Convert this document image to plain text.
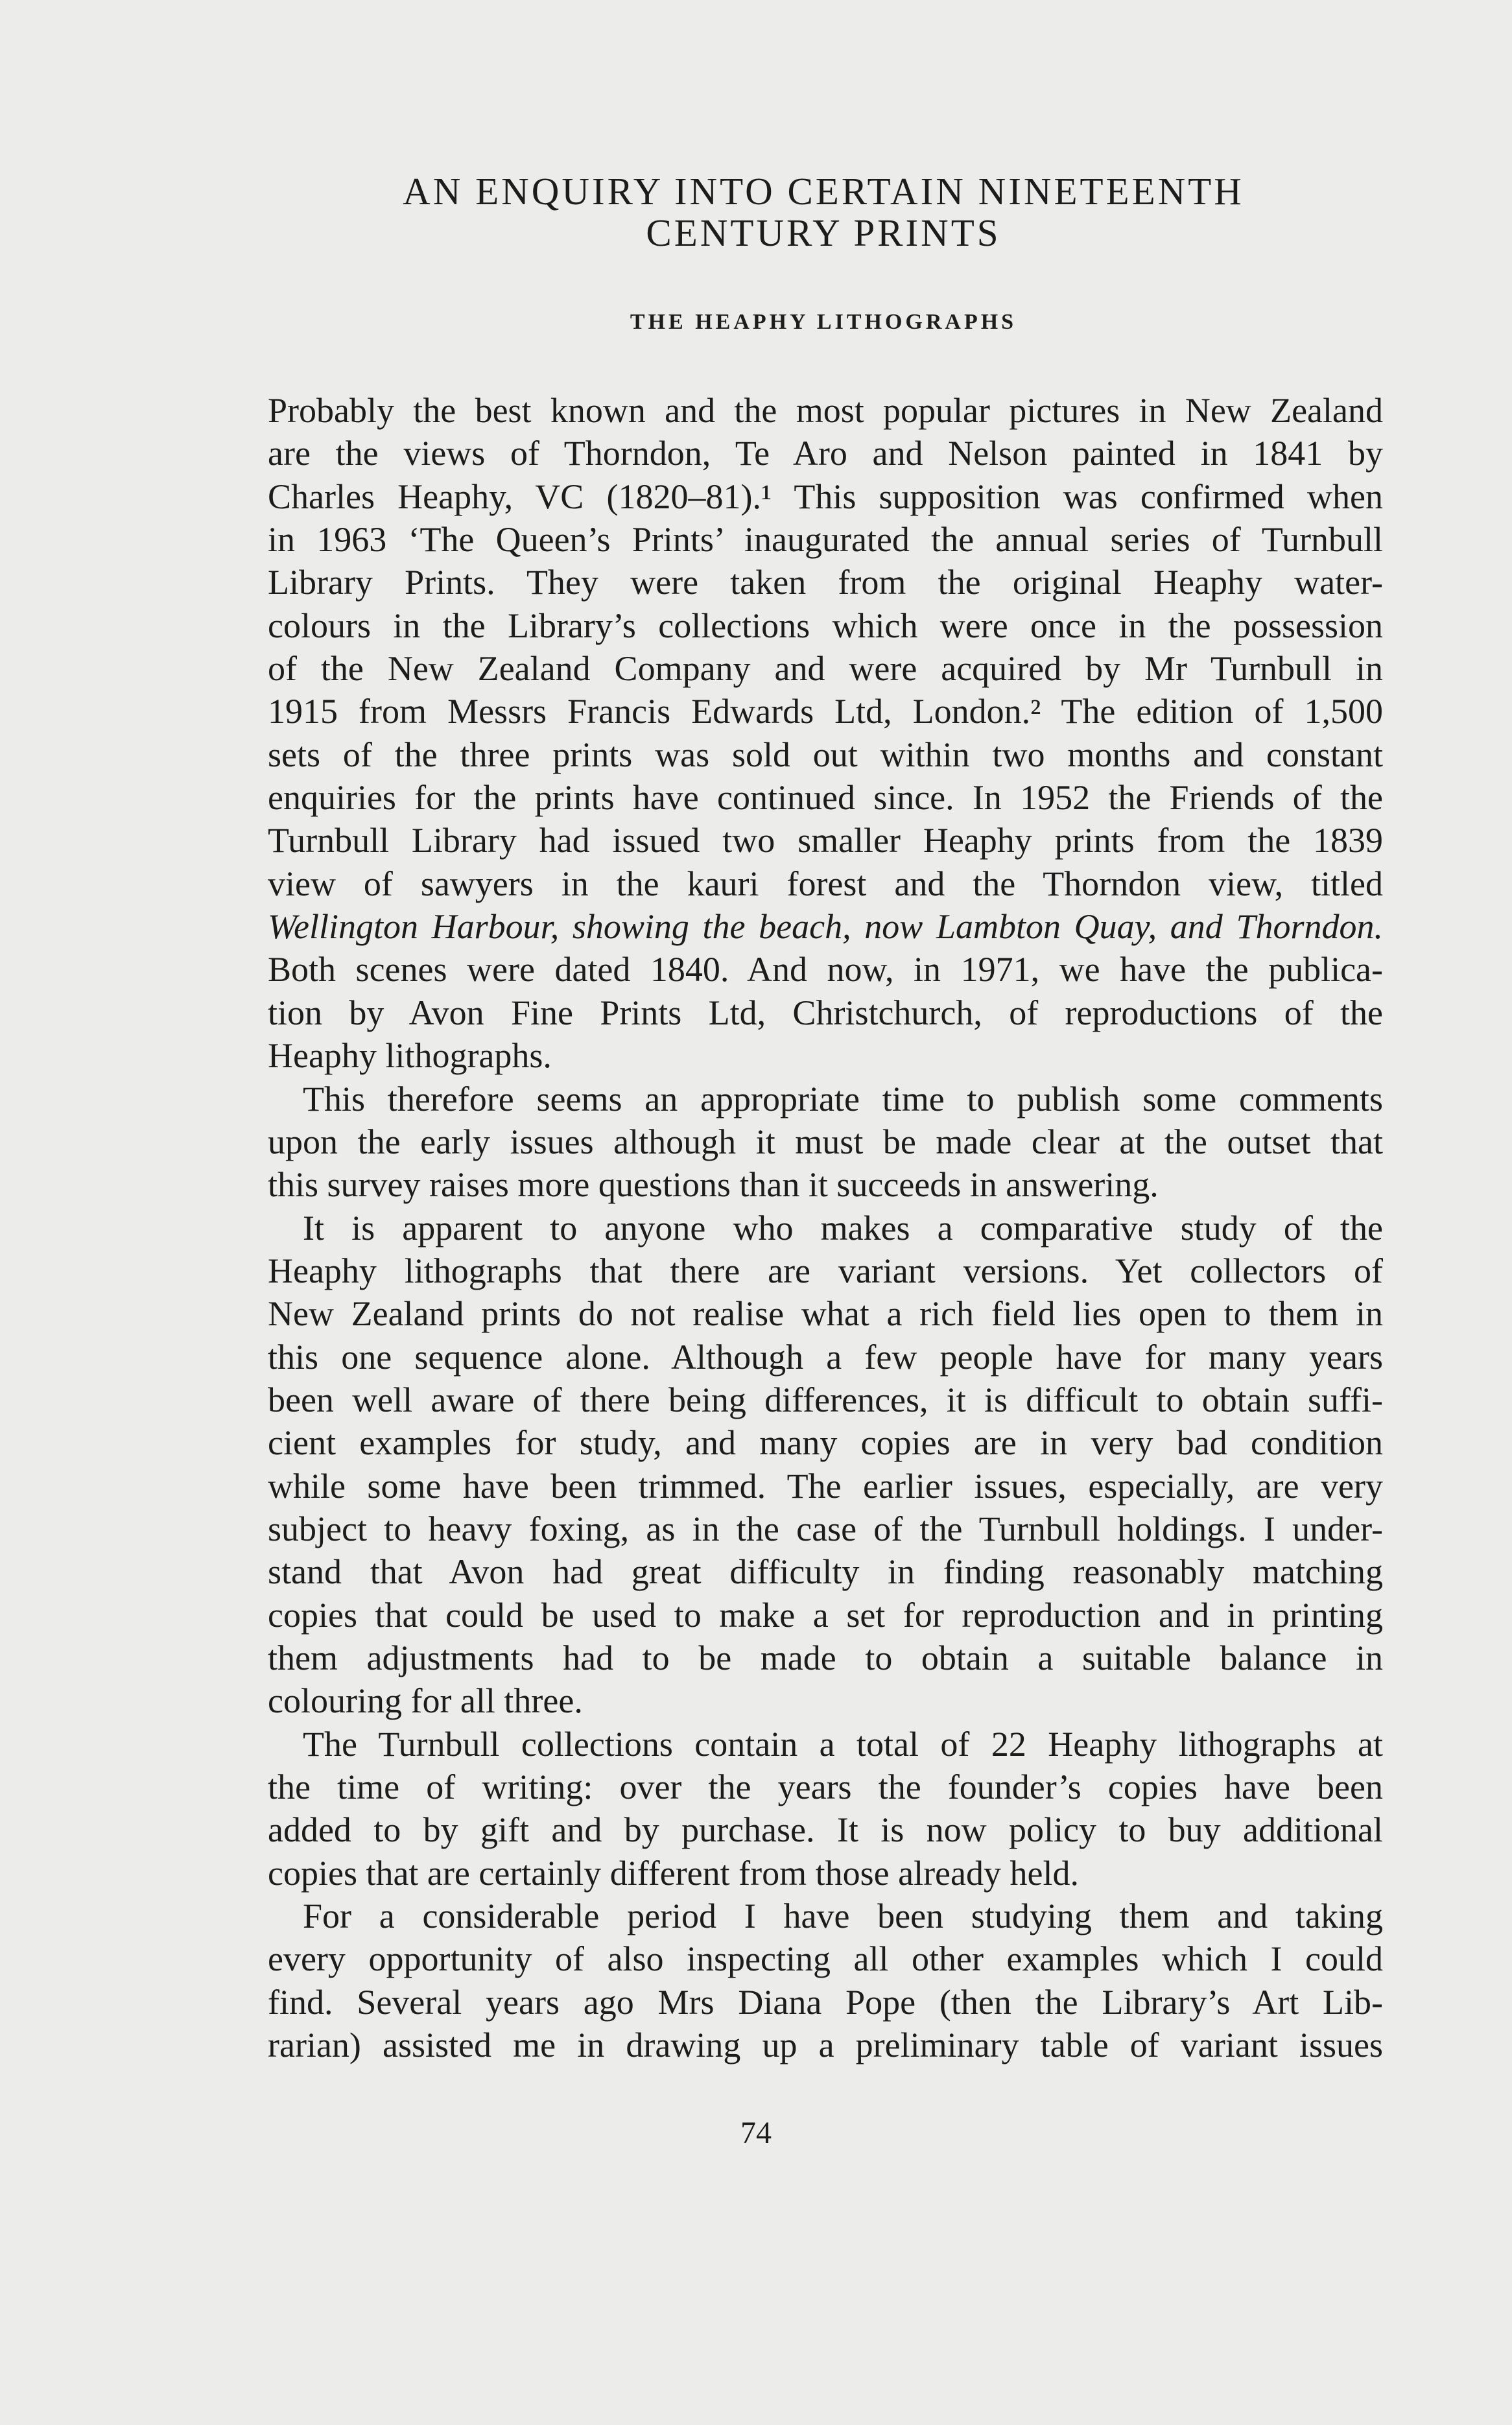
AN ENQUIRY INTO CERTAIN NINETEENTH
CENTURY PRINTS
THE HEAPHY LITHOGRAPHS
Probably the best known and the most popular pictures in New Zealand
are the views of Thorndon, Te Aro and Nelson painted in 1841 by
Charles Heaphy, VC (1820–81).¹ This supposition was confirmed when
in 1963 ‘The Queen’s Prints’ inaugurated the annual series of Turnbull
Library Prints. They were taken from the original Heaphy water-
colours in the Library’s collections which were once in the possession
of the New Zealand Company and were acquired by Mr Turnbull in
1915 from Messrs Francis Edwards Ltd, London.² The edition of 1,500
sets of the three prints was sold out within two months and constant
enquiries for the prints have continued since. In 1952 the Friends of the
Turnbull Library had issued two smaller Heaphy prints from the 1839
view of sawyers in the kauri forest and the Thorndon view, titled
Wellington Harbour, showing the beach, now Lambton Quay, and Thorndon.
Both scenes were dated 1840. And now, in 1971, we have the publica-
tion by Avon Fine Prints Ltd, Christchurch, of reproductions of the
Heaphy lithographs.
This therefore seems an appropriate time to publish some comments
upon the early issues although it must be made clear at the outset that
this survey raises more questions than it succeeds in answering.
It is apparent to anyone who makes a comparative study of the
Heaphy lithographs that there are variant versions. Yet collectors of
New Zealand prints do not realise what a rich field lies open to them in
this one sequence alone. Although a few people have for many years
been well aware of there being differences, it is difficult to obtain suffi-
cient examples for study, and many copies are in very bad condition
while some have been trimmed. The earlier issues, especially, are very
subject to heavy foxing, as in the case of the Turnbull holdings. I under-
stand that Avon had great difficulty in finding reasonably matching
copies that could be used to make a set for reproduction and in printing
them adjustments had to be made to obtain a suitable balance in
colouring for all three.
The Turnbull collections contain a total of 22 Heaphy lithographs at
the time of writing: over the years the founder’s copies have been
added to by gift and by purchase. It is now policy to buy additional
copies that are certainly different from those already held.
For a considerable period I have been studying them and taking
every opportunity of also inspecting all other examples which I could
find. Several years ago Mrs Diana Pope (then the Library’s Art Lib-
rarian) assisted me in drawing up a preliminary table of variant issues

74
